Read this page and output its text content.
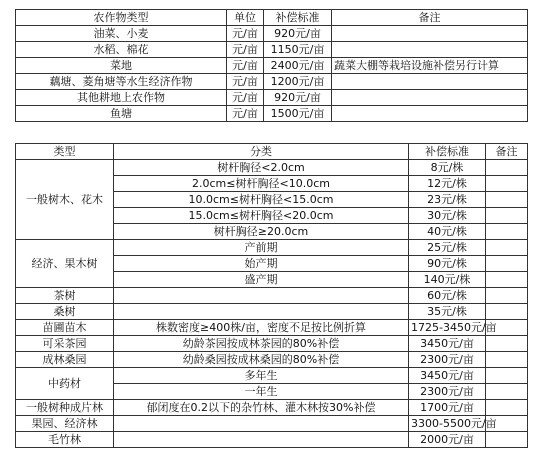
农作物类型	单位	补偿标准	备注
油菜、小麦	元/亩	920元/亩	
水稻、棉花	元/亩	1150元/亩	
菜地	元/亩	2400元/亩	蔬菜大棚等栽培设施补偿另行计算
藕塘、菱角塘等水生经济作物	元/亩	1200元/亩	
其他耕地上农作物	元/亩	920元/亩	
鱼塘	元/亩	1500元/亩	
类型	分类	补偿标准	备注
一般树木、花木	树杆胸径<2.0cm	8元/株	
	2.0cm≤树杆胸径<10.0cm	12元/株	
	10.0cm≤树杆胸径<15.0cm	23元/株	
	15.0cm≤树杆胸径<20.0cm	30元/株	
	树杆胸径≥20.0cm	40元/株	
经济、果木树	产前期	25元/株	
	始产期	90元/株	
	盛产期	140元/株	
茶树		60元/株	
桑树		35元/株	
苗圃苗木	株数密度≥400株/亩，密度不足按比例折算	1725-3450元/亩	
可采茶园	幼龄茶园按成林茶园的80%补偿	3450元/亩	
成林桑园	幼龄桑园按成林桑园的80%补偿	2300元/亩	
中药材	多年生	3450元/亩	
	一年生	2300元/亩	
一般树种成片林	郁闭度在0.2以下的杂竹林、灌木林按30%补偿	1700元/亩	
果园、经济林		3300-5500元/亩	
毛竹林		2000元/亩	
